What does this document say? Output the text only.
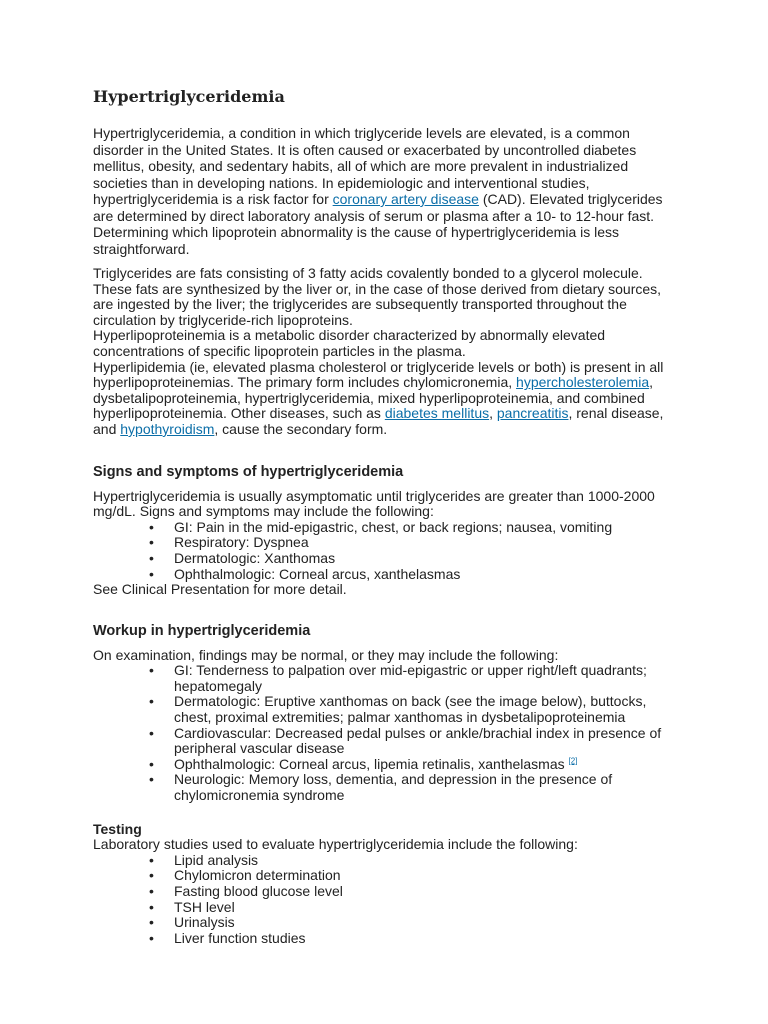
Hypertriglyceridemia

Hypertriglyceridemia, a condition in which triglyceride levels are elevated, is a common disorder in the United States. It is often caused or exacerbated by uncontrolled diabetes mellitus, obesity, and sedentary habits, all of which are more prevalent in industrialized societies than in developing nations. In epidemiologic and interventional studies, hypertriglyceridemia is a risk factor for coronary artery disease (CAD). Elevated triglycerides are determined by direct laboratory analysis of serum or plasma after a 10- to 12-hour fast. Determining which lipoprotein abnormality is the cause of hypertriglyceridemia is less straightforward.

Triglycerides are fats consisting of 3 fatty acids covalently bonded to a glycerol molecule. These fats are synthesized by the liver or, in the case of those derived from dietary sources, are ingested by the liver; the triglycerides are subsequently transported throughout the circulation by triglyceride-rich lipoproteins.

Hyperlipoproteinemia is a metabolic disorder characterized by abnormally elevated concentrations of specific lipoprotein particles in the plasma.

Hyperlipidemia (ie, elevated plasma cholesterol or triglyceride levels or both) is present in all hyperlipoproteinemias. The primary form includes chylomicronemia, hypercholesterolemia, dysbetalipoproteinemia, hypertriglyceridemia, mixed hyperlipoproteinemia, and combined hyperlipoproteinemia. Other diseases, such as diabetes mellitus, pancreatitis, renal disease, and hypothyroidism, cause the secondary form.

Signs and symptoms of hypertriglyceridemia

Hypertriglyceridemia is usually asymptomatic until triglycerides are greater than 1000-2000 mg/dL. Signs and symptoms may include the following:

• GI: Pain in the mid-epigastric, chest, or back regions; nausea, vomiting
• Respiratory: Dyspnea
• Dermatologic: Xanthomas
• Ophthalmologic: Corneal arcus, xanthelasmas

See Clinical Presentation for more detail.

Workup in hypertriglyceridemia

On examination, findings may be normal, or they may include the following:

• GI: Tenderness to palpation over mid-epigastric or upper right/left quadrants; hepatomegaly
• Dermatologic: Eruptive xanthomas on back (see the image below), buttocks, chest, proximal extremities; palmar xanthomas in dysbetalipoproteinemia
• Cardiovascular: Decreased pedal pulses or ankle/brachial index in presence of peripheral vascular disease
• Ophthalmologic: Corneal arcus, lipemia retinalis, xanthelasmas [2]
• Neurologic: Memory loss, dementia, and depression in the presence of chylomicronemia syndrome

Testing

Laboratory studies used to evaluate hypertriglyceridemia include the following:

• Lipid analysis
• Chylomicron determination
• Fasting blood glucose level
• TSH level
• Urinalysis
• Liver function studies
